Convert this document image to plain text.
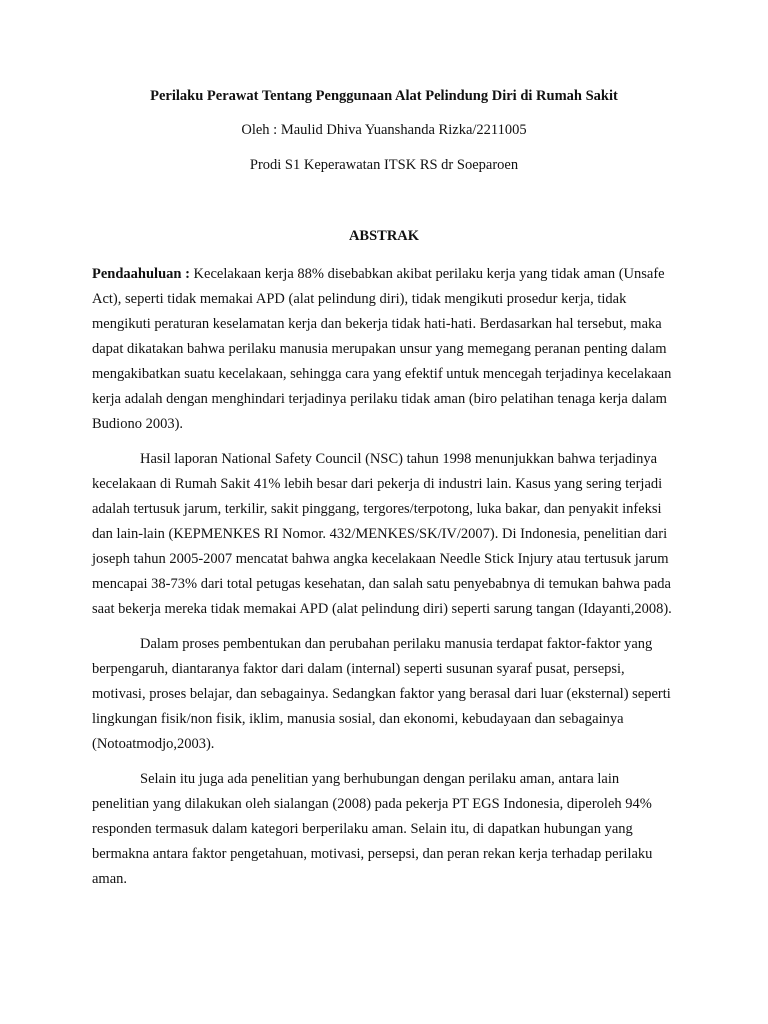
Perilaku Perawat Tentang Penggunaan Alat Pelindung Diri di Rumah Sakit
Oleh : Maulid Dhiva Yuanshanda Rizka/2211005
Prodi S1 Keperawatan ITSK RS dr Soeparoen
ABSTRAK

Pendaahuluan : Kecelakaan kerja 88% disebabkan akibat perilaku kerja yang tidak aman (Unsafe Act), seperti tidak memakai APD (alat pelindung diri), tidak mengikuti prosedur kerja, tidak mengikuti peraturan keselamatan kerja dan bekerja tidak hati-hati. Berdasarkan hal tersebut, maka dapat dikatakan bahwa perilaku manusia merupakan unsur yang memegang peranan penting dalam mengakibatkan suatu kecelakaan, sehingga cara yang efektif untuk mencegah terjadinya kecelakaan kerja adalah dengan menghindari terjadinya perilaku tidak aman (biro pelatihan tenaga kerja dalam Budiono 2003).

Hasil laporan National Safety Council (NSC) tahun 1998 menunjukkan bahwa terjadinya kecelakaan di Rumah Sakit 41% lebih besar dari pekerja di industri lain. Kasus yang sering terjadi adalah tertusuk jarum, terkilir, sakit pinggang, tergores/terpotong, luka bakar, dan penyakit infeksi dan lain-lain (KEPMENKES RI Nomor. 432/MENKES/SK/IV/2007). Di Indonesia, penelitian dari joseph tahun 2005-2007 mencatat bahwa angka kecelakaan Needle Stick Injury atau tertusuk jarum mencapai 38-73% dari total petugas kesehatan, dan salah satu penyebabnya di temukan bahwa pada saat bekerja mereka tidak memakai APD (alat pelindung diri) seperti sarung tangan (Idayanti,2008).

Dalam proses pembentukan dan perubahan perilaku manusia terdapat faktor-faktor yang berpengaruh, diantaranya faktor dari dalam (internal) seperti susunan syaraf pusat, persepsi, motivasi, proses belajar, dan sebagainya. Sedangkan faktor yang berasal dari luar (eksternal) seperti lingkungan fisik/non fisik, iklim, manusia sosial, dan ekonomi, kebudayaan dan sebagainya (Notoatmodjo,2003).

Selain itu juga ada penelitian yang berhubungan dengan perilaku aman, antara lain penelitian yang dilakukan oleh sialangan (2008) pada pekerja PT EGS Indonesia, diperoleh 94% responden termasuk dalam kategori berperilaku aman. Selain itu, di dapatkan hubungan yang bermakna antara faktor pengetahuan, motivasi, persepsi, dan peran rekan kerja terhadap perilaku aman.
